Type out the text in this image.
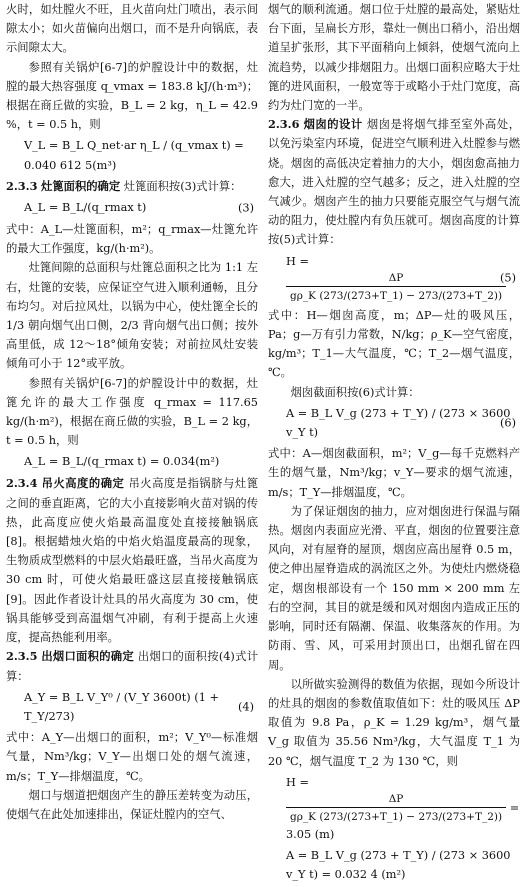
火时，如灶膛火不旺，且火苗向灶门喷出，表示间隙太小；如火苗偏向出烟口，而不是升向锅底，表示间隙太大。

参照有关锅炉[6-7]的炉膛设计中的数据，灶膛的最大热容强度 q_vmax = 183.8 kJ/(h·m³)；根据在商丘做的实验，B_L = 2 kg，η_L = 42.9 %，t = 0.5 h，则

V_L = B_L Q_net·ar η_L / (q_vmax t) = 0.040 612 5(m³)

2.3.3 灶篦面积的确定 灶篦面积按(3)式计算：

A_L = B_L/(q_rmax t)	(3)

式中：A_L—灶篦面积，m²；q_rmax—灶篦允许的最大工作强度，kg/(h·m²)。

灶篦间隙的总面积与灶篦总面积之比为 1:1 左右，灶篦的安装，应保证空气进入顺利通畅，且分布均匀。对后拉风灶，以锅为中心，使灶篦全长的 1/3 朝向烟气出口侧，2/3 背向烟气出口侧；按外高里低，成 12～18°倾角安装；对前拉风灶安装倾角可小于 12°或平放。

参照有关锅炉[6-7]的炉膛设计中的数据，灶篦允许的最大工作强度 q_rmax = 117.65 kg/(h·m²)，根据在商丘做的实验，B_L = 2 kg，t = 0.5 h，则

A_L = B_L/(q_rmax t) = 0.034(m²)

2.3.4 吊火高度的确定 吊火高度是指锅脐与灶篦之间的垂直距离，它的大小直接影响火苗对锅的传热，此高度应使火焰最高温度处直接接触锅底[8]。根据蜡烛火焰的中焰火焰温度最高的现象，生物质成型燃料的中层火焰最旺盛，当吊火高度为 30 cm 时，可使火焰最旺盛这层直接接触锅底[9]。因此作者设计灶具的吊火高度为 30 cm，使锅具能够受到高温烟气冲刷，有利于提高上火速度，提高热能利用率。

2.3.5 出烟口面积的确定 出烟口的面积按(4)式计算：

A_Y = B_L V_Y⁰ / (V_Y 3600t) (1 + T_Y/273)
(4)

式中：A_Y—出烟口的面积，m²；V_Y⁰—标准烟气量，Nm³/kg；V_Y—出烟口处的烟气流速，m/s；T_Y—排烟温度，℃。

烟口与烟道把烟囱产生的静压差转变为动压，使烟气在此处加速排出，保证灶膛内的空气、

烟气的顺利流通。烟口位于灶膛的最高处，紧贴灶台下面，呈扁长方形，靠灶一侧出口稍小，沿出烟道呈扩张形，其下平面稍向上倾斜，使烟气流向上流趋势，以减少排烟阻力。出烟口面积应略大于灶篦的进风面积，一般宽等于或略小于灶门宽度，高约为灶门宽的一半。

2.3.6 烟囱的设计 烟囱是将烟气排至室外高处，以免污染室内环境，促进空气顺利进入灶膛参与燃烧。烟囱的高低决定着抽力的大小，烟囱愈高抽力愈大，进入灶膛的空气越多；反之，进入灶膛的空气减少。烟囱产生的抽力只要能克服空气与烟气流动的阻力，使灶膛内有负压就可。烟囱高度的计算按(5)式计算：

H =
$\frac{\Delta P}{g\rho\_K (273/(273+T\_1) - 273/(273+T\_2))}$
(5)

式中：H—烟囱高度，m；ΔP—灶的吸风压，Pa；g—万有引力常数，N/kg；ρ_K—空气密度，kg/m³；T_1—大气温度，℃；T_2—烟气温度，℃。

烟囱截面积按(6)式计算：

A = B_L V_g (273 + T_Y) / (273 × 3600 v_Y t)
(6)

式中：A—烟囱截面积，m²；V_g—每千克燃料产生的烟气量，Nm³/kg；v_Y—要求的烟气流速，m/s；T_Y—排烟温度，℃。

为了保证烟囱的抽力，应对烟囱进行保温与隔热。烟囱内表面应光滑、平直，烟囱的位置要注意风向，对有屋脊的屋顶，烟囱应高出屋脊 0.5 m，使之伸出屋脊造成的涡流区之外。为使灶内燃烧稳定，烟囱根部设有一个 150 mm × 200 mm 左右的空洞，其目的就是缓和风对烟囱内造成正压的影响，同时还有隔潮、保温、收集落灰的作用。为防雨、雪、风，可采用封顶出口，出烟孔留在四周。

以所做实验测得的数值为依据，现如今所设计的灶具的烟囱的参数值取值如下：灶的吸风压 ΔP 取值为 9.8 Pa，ρ_K = 1.29 kg/m³，烟气量 V_g 取值为 35.56 Nm³/kg，大气温度 T_1 为 20 ℃，烟气温度 T_2 为 130 ℃，则

H =
$\frac{\Delta P}{g\rho\_K (273/(273+T\_1) - 273/(273+T\_2))} = 3.05$ (m)
A = B_L V_g (273 + T_Y) / (273 × 3600 v_Y t) = 0.032 4 (m²)
